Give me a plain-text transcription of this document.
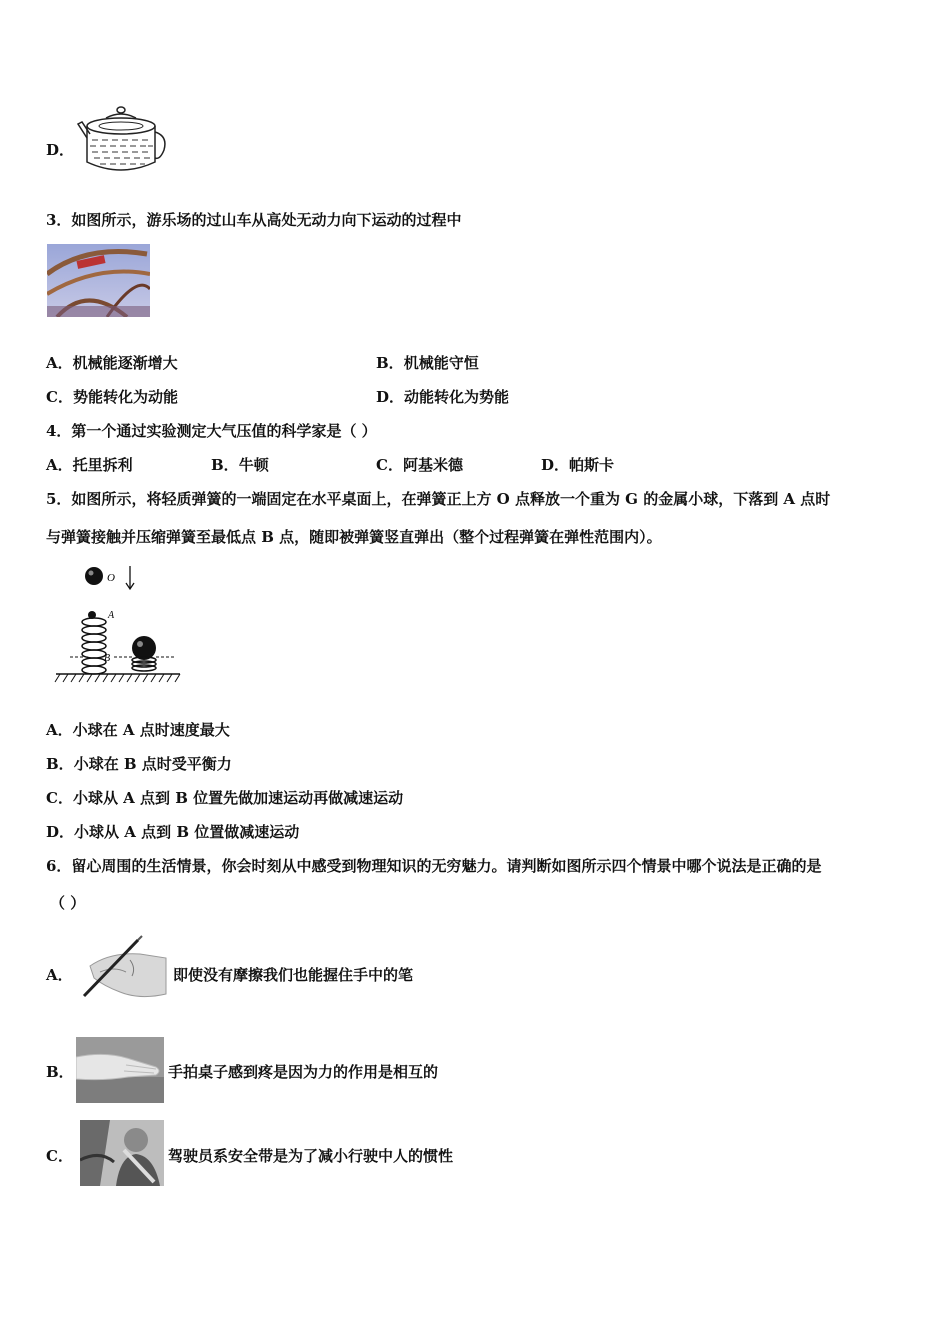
D．
3．如图所示，游乐场的过山车从高处无动力向下运动的过程中
A．机械能逐渐增大	B．机械能守恒
C．势能转化为动能	D．动能转化为势能
4．第一个通过实验测定大气压值的科学家是（ ）
A．托里拆利	B．牛顿	C．阿基米德	D．帕斯卡
5．如图所示，将轻质弹簧的一端固定在水平桌面上，在弹簧正上方 O 点释放一个重为 G 的金属小球，下落到 A 点时
与弹簧接触并压缩弹簧至最低点 B 点，随即被弹簧竖直弹出（整个过程弹簧在弹性范围内）。
O
A
B
A．小球在 A 点时速度最大
B．小球在 B 点时受平衡力
C．小球从 A 点到 B 位置先做加速运动再做减速运动
D．小球从 A 点到 B 位置做减速运动
6．留心周围的生活情景，你会时刻从中感受到物理知识的无穷魅力。请判断如图所示四个情景中哪个说法是正确的是
（ ）
A．	即使没有摩擦我们也能握住手中的笔
B．	手拍桌子感到疼是因为力的作用是相互的
C．	驾驶员系安全带是为了减小行驶中人的惯性
